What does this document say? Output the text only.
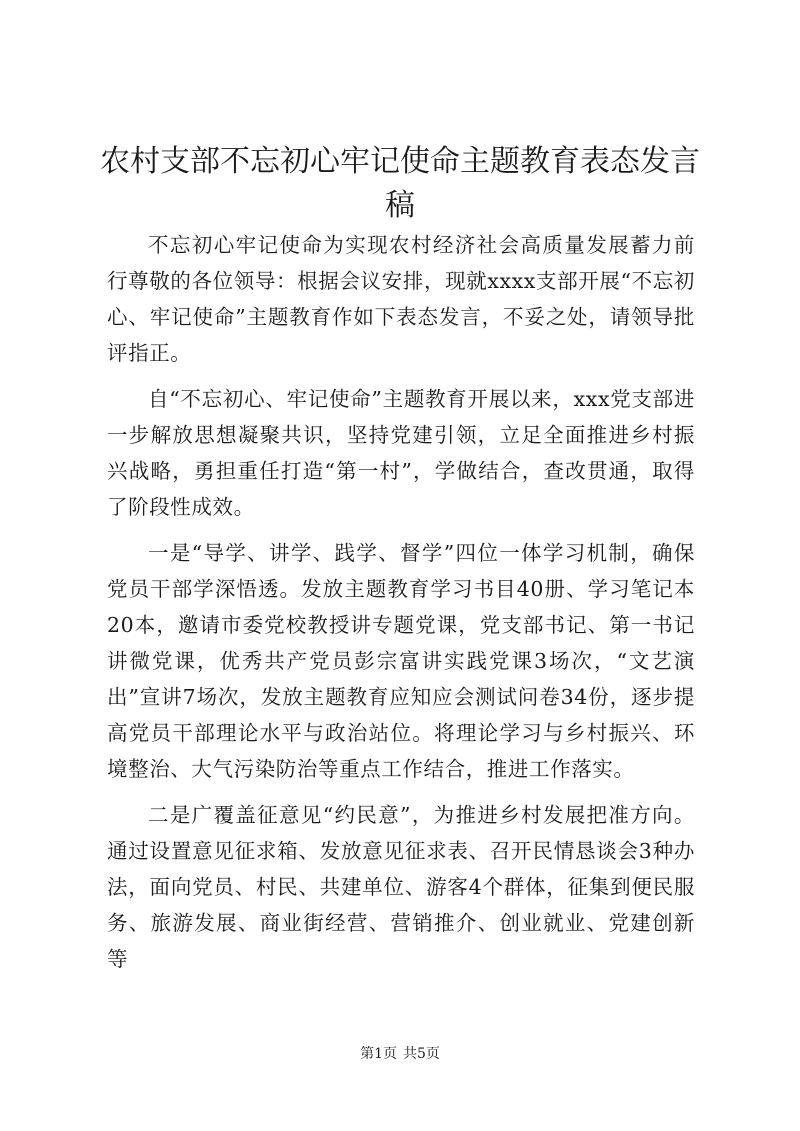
农村支部不忘初心牢记使命主题教育表态发言稿

不忘初心牢记使命为实现农村经济社会高质量发展蓄力前行尊敬的各位领导：根据会议安排，现就xxxx支部开展“不忘初心、牢记使命”主题教育作如下表态发言，不妥之处，请领导批评指正。

自“不忘初心、牢记使命”主题教育开展以来，xxx党支部进一步解放思想凝聚共识，坚持党建引领，立足全面推进乡村振兴战略，勇担重任打造“第一村”，学做结合，查改贯通，取得了阶段性成效。

一是“导学、讲学、践学、督学”四位一体学习机制，确保党员干部学深悟透。发放主题教育学习书目40册、学习笔记本20本，邀请市委党校教授讲专题党课，党支部书记、第一书记讲微党课，优秀共产党员彭宗富讲实践党课3场次，“文艺演出”宣讲7场次，发放主题教育应知应会测试问卷34份，逐步提高党员干部理论水平与政治站位。将理论学习与乡村振兴、环境整治、大气污染防治等重点工作结合，推进工作落实。

二是广覆盖征意见“约民意”，为推进乡村发展把准方向。通过设置意见征求箱、发放意见征求表、召开民情恳谈会3种办法，面向党员、村民、共建单位、游客4个群体，征集到便民服务、旅游发展、商业街经营、营销推介、创业就业、党建创新等

第1页 共5页
